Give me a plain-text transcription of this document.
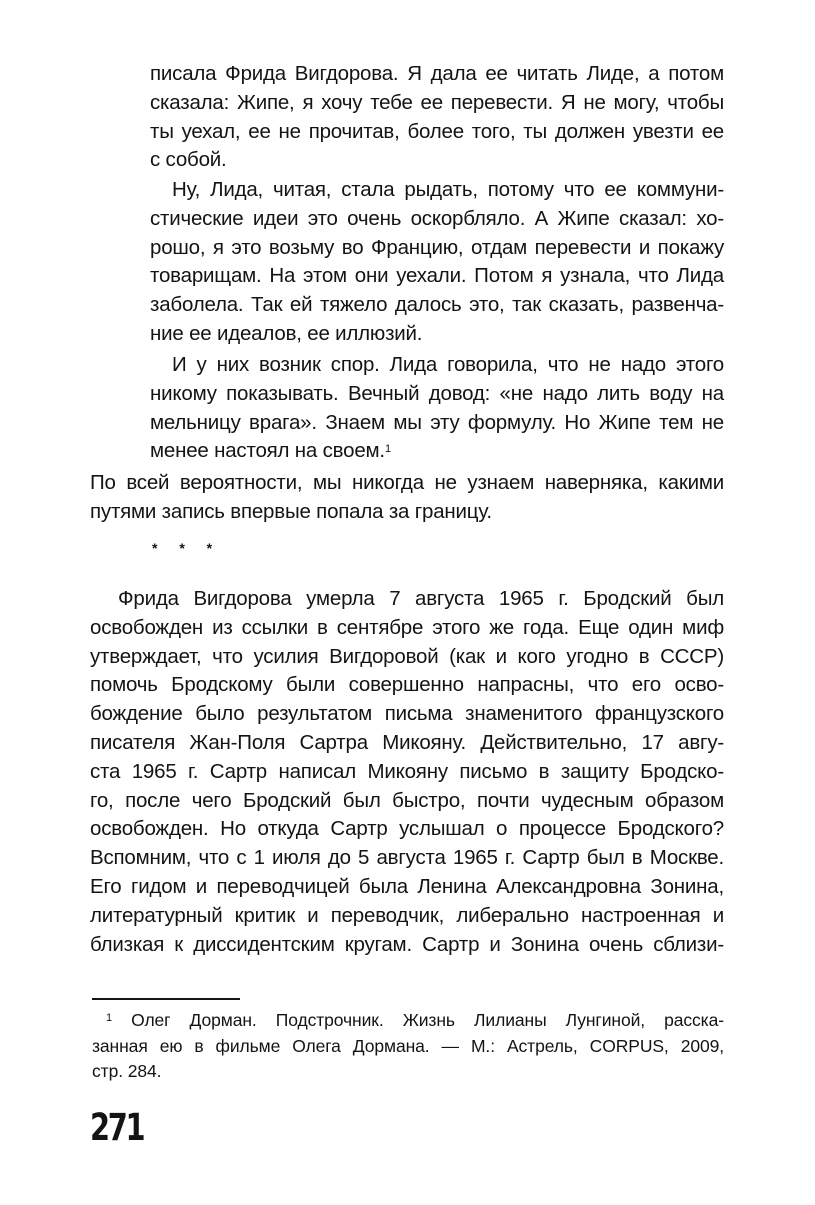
писала Фрида Вигдорова. Я дала ее читать Лиде, а потом
сказала: Жипе, я хочу тебе ее перевести. Я не могу, чтобы
ты уехал, ее не прочитав, более того, ты должен увезти ее
с собой.
Ну, Лида, читая, стала рыдать, потому что ее коммуни-
стические идеи это очень оскорбляло. А Жипе сказал: хо-
рошо, я это возьму во Францию, отдам перевести и покажу
товарищам. На этом они уехали. Потом я узнала, что Лида
заболела. Так ей тяжело далось это, так сказать, развенча-
ние ее идеалов, ее иллюзий.
И у них возник спор. Лида говорила, что не надо этого
никому показывать. Вечный довод: «не надо лить воду на
мельницу врага». Знаем мы эту формулу. Но Жипе тем не
менее настоял на своем.$^1$
По всей вероятности, мы никогда не узнаем наверняка, какими
путями запись впервые попала за границу.
* * *
Фрида Вигдорова умерла 7 августа 1965 г. Бродский был
освобожден из ссылки в сентябре этого же года. Еще один миф
утверждает, что усилия Вигдоровой (как и кого угодно в СССР)
помочь Бродскому были совершенно напрасны, что его осво-
бождение было результатом письма знаменитого французского
писателя Жан-Поля Сартра Микояну. Действительно, 17 авгу-
ста 1965 г. Сартр написал Микояну письмо в защиту Бродско-
го, после чего Бродский был быстро, почти чудесным образом
освобожден. Но откуда Сартр услышал о процессе Бродского?
Вспомним, что с 1 июля до 5 августа 1965 г. Сартр был в Москве.
Его гидом и переводчицей была Ленина Александровна Зонина,
литературный критик и переводчик, либерально настроенная и
близкая к диссидентским кругам. Сартр и Зонина очень сблизи-
$^1$ Олег Дорман. Подстрочник. Жизнь Лилианы Лунгиной, расска-
занная ею в фильме Олега Дормана. — М.: Астрель, CORPUS, 2009,
стр. 284.
271
